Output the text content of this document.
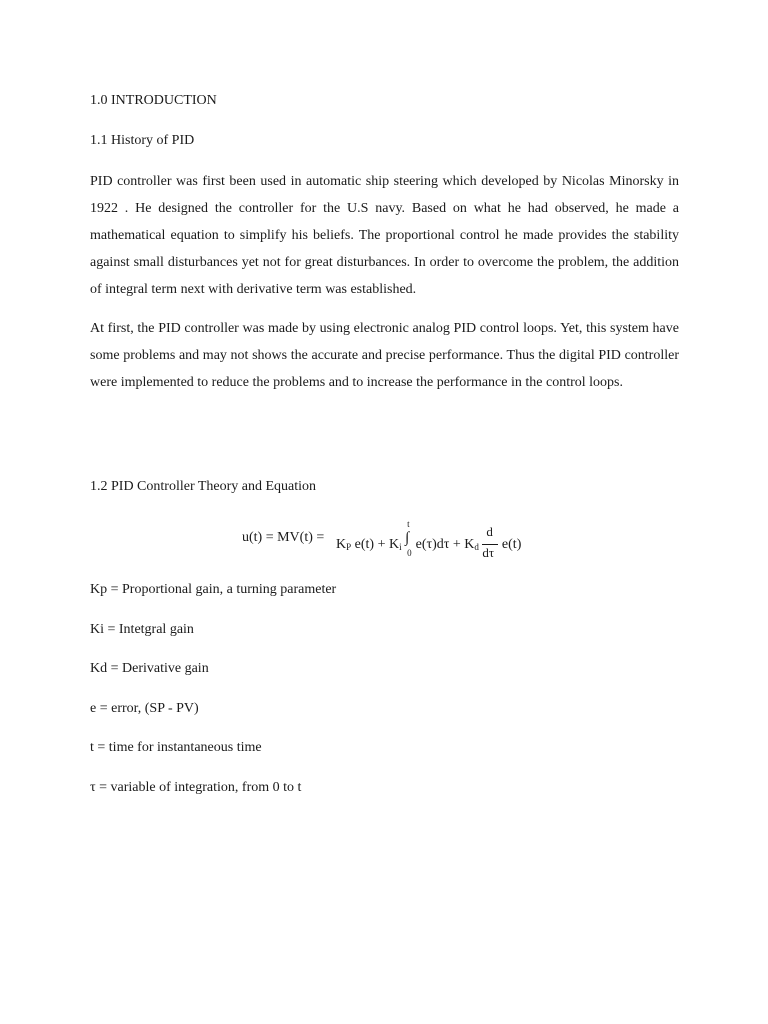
1.0 INTRODUCTION
1.1 History of PID
PID controller was first been used in automatic ship steering which developed by Nicolas Minorsky in 1922 . He designed the controller for the U.S navy. Based on what he had observed, he made a mathematical equation to simplify his beliefs. The proportional control he made provides the stability against small disturbances yet not for great disturbances. In order to overcome the problem, the addition of integral term next with derivative term was established.
At first, the PID controller was made by using electronic analog PID control loops. Yet, this system have some problems and may not shows the accurate and precise performance. Thus the digital PID controller were implemented to reduce the problems and to increase the performance in the control loops.
1.2 PID Controller Theory and Equation
u(t) = MV(t) = KP e(t) + Ki
t
∫
0
e(τ)dτ + Kd $\frac{d}{d\tau} e(t)$
Kp = Proportional gain, a turning parameter
Ki = Intetgral gain
Kd = Derivative gain
e = error, (SP - PV)
t = time for instantaneous time
τ = variable of integration, from 0 to t
